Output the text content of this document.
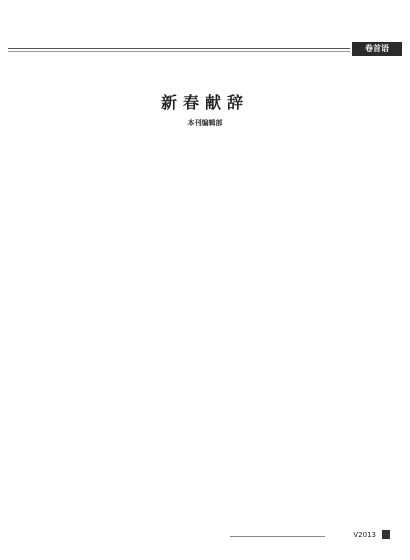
卷首语
新春献辞
本刊编辑部
V2013
